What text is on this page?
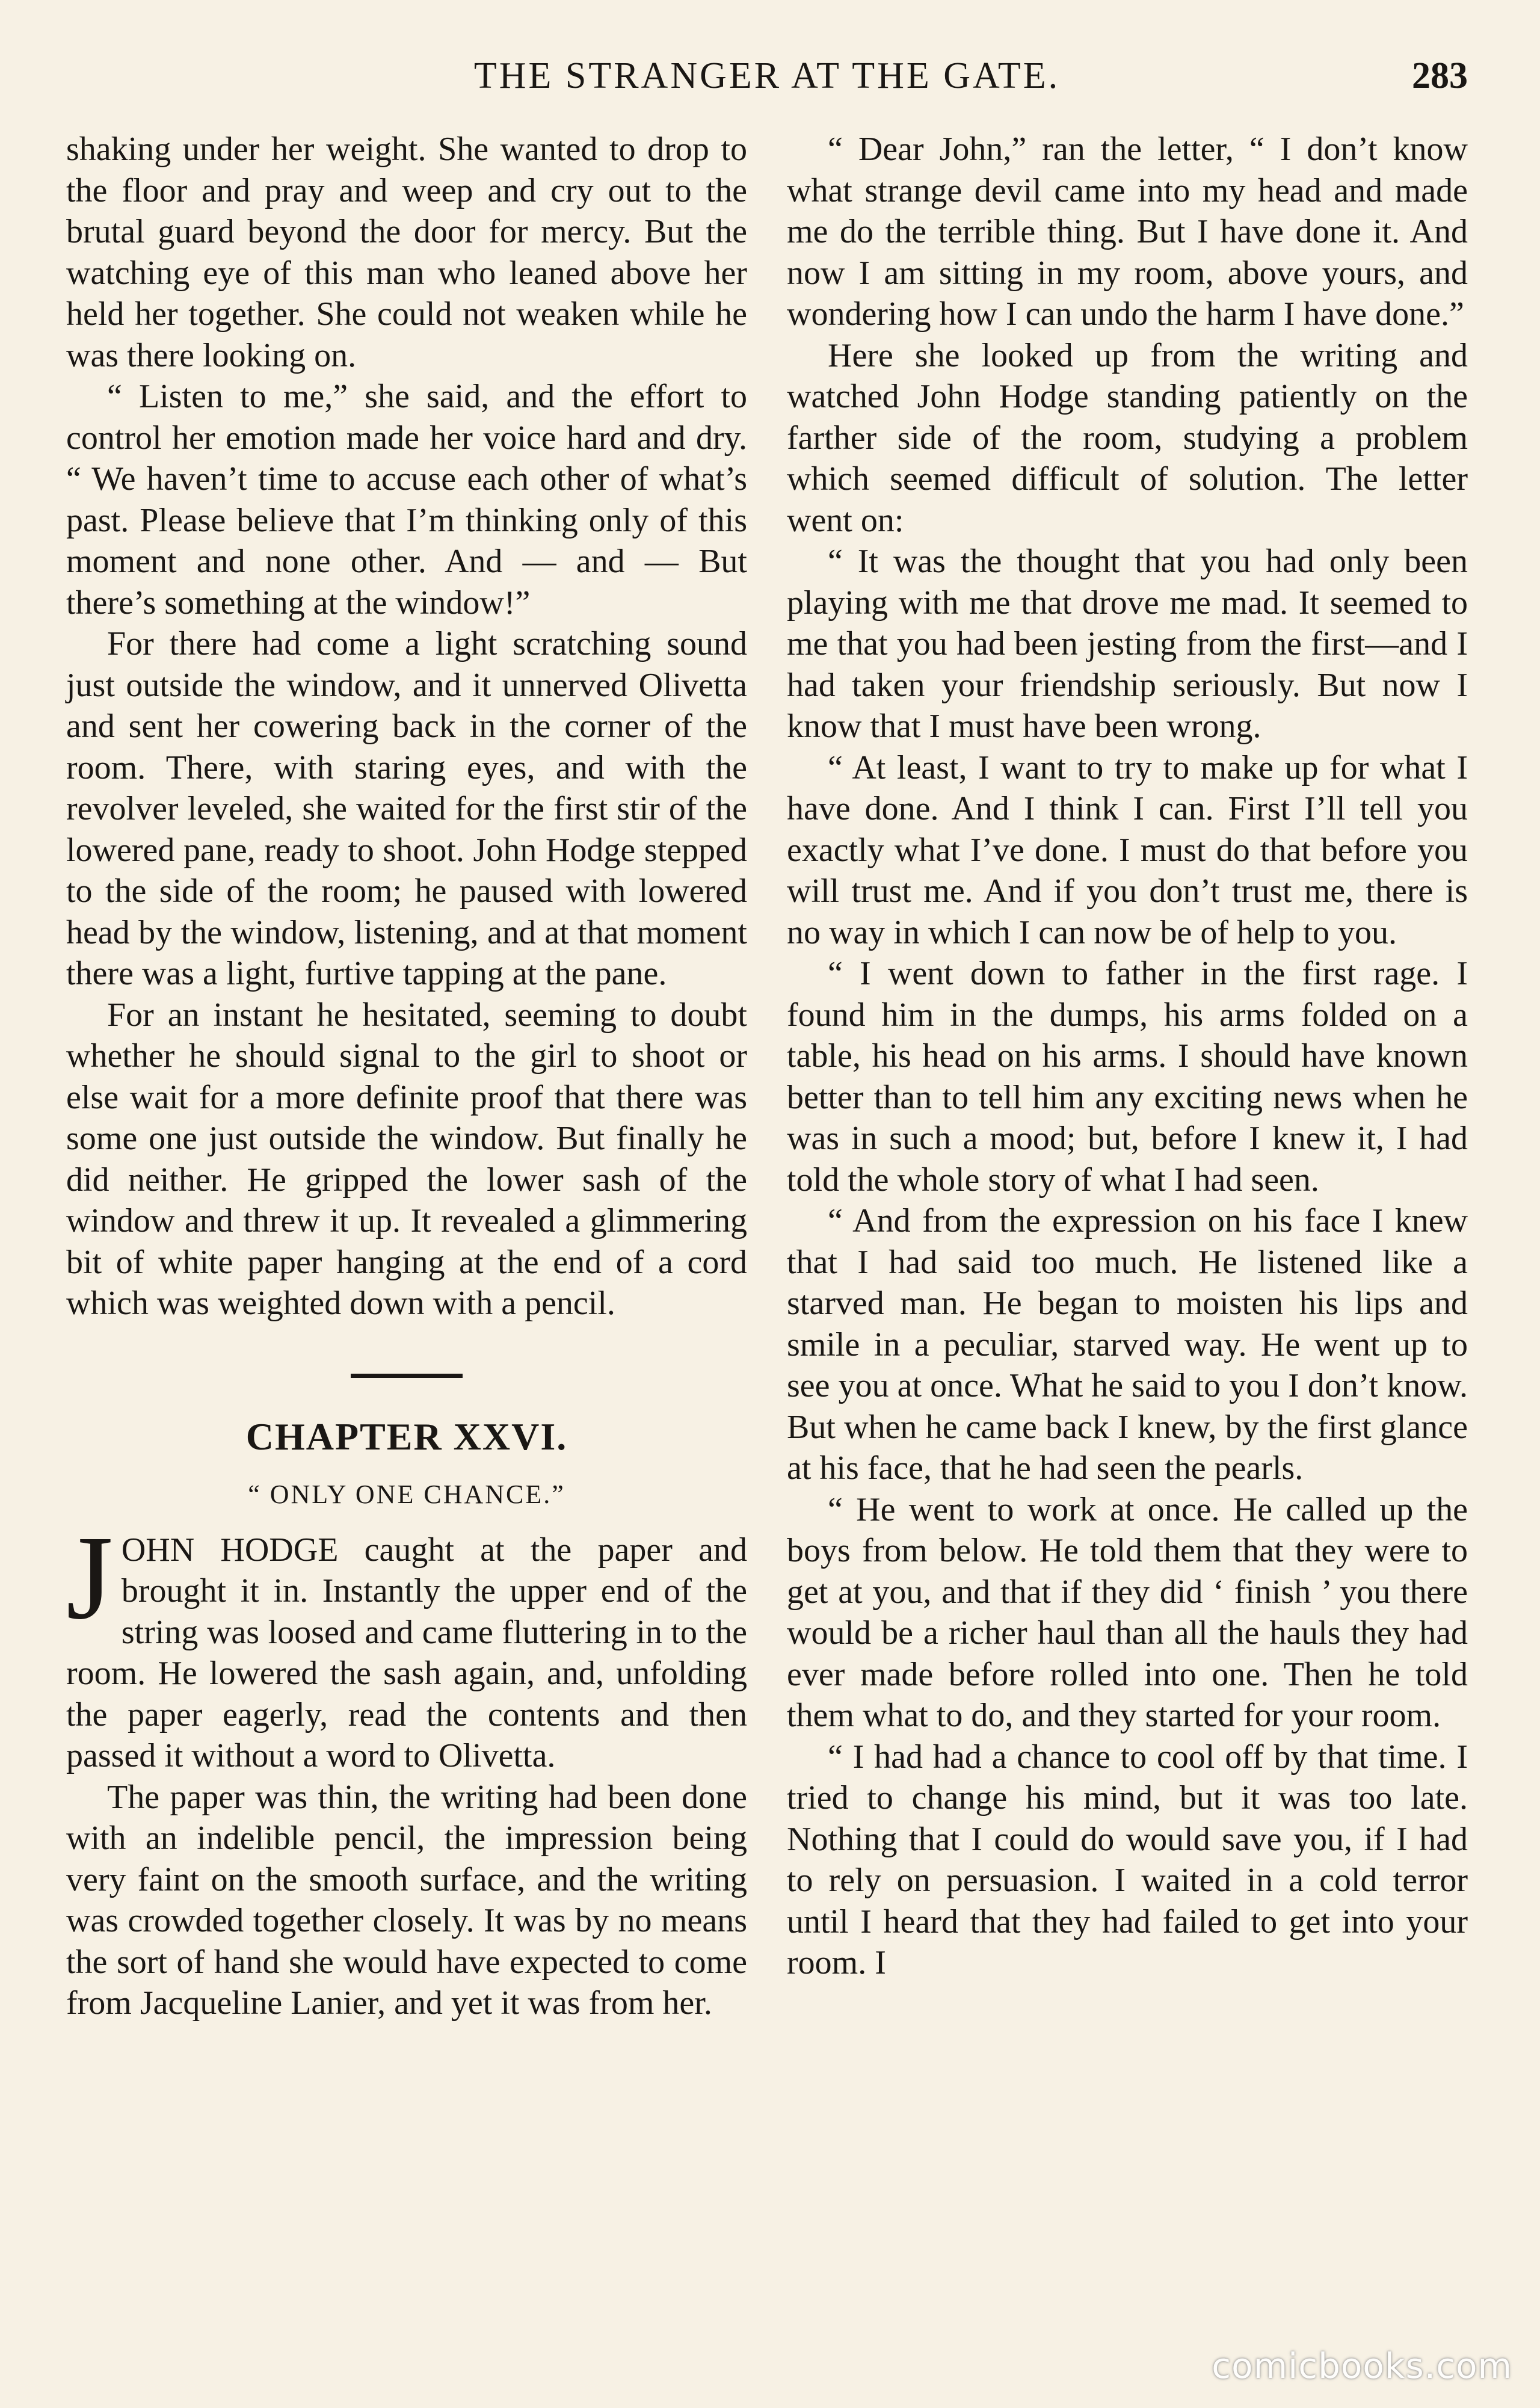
THE STRANGER AT THE GATE.	283

shaking under her weight. She wanted to drop to the floor and pray and weep and cry out to the brutal guard beyond the door for mercy. But the watching eye of this man who leaned above her held her together. She could not weaken while he was there looking on.

“ Listen to me,” she said, and the effort to control her emotion made her voice hard and dry. “ We haven’t time to accuse each other of what’s past. Please believe that I’m thinking only of this moment and none other. And — and — But there’s something at the window!”

For there had come a light scratching sound just outside the window, and it unnerved Olivetta and sent her cowering back in the corner of the room. There, with staring eyes, and with the revolver leveled, she waited for the first stir of the lowered pane, ready to shoot. John Hodge stepped to the side of the room; he paused with lowered head by the window, listening, and at that moment there was a light, furtive tapping at the pane.

For an instant he hesitated, seeming to doubt whether he should signal to the girl to shoot or else wait for a more definite proof that there was some one just outside the window. But finally he did neither. He gripped the lower sash of the window and threw it up. It revealed a glimmering bit of white paper hanging at the end of a cord which was weighted down with a pencil.

CHAPTER XXVI.
“ ONLY ONE CHANCE.”

JOHN HODGE caught at the paper and brought it in. Instantly the upper end of the string was loosed and came fluttering in to the room. He lowered the sash again, and, unfolding the paper eagerly, read the contents and then passed it without a word to Olivetta.

The paper was thin, the writing had been done with an indelible pencil, the impression being very faint on the smooth surface, and the writing was crowded together closely. It was by no means the sort of hand she would have expected to come from Jacqueline Lanier, and yet it was from her.

“ Dear John,” ran the letter, “ I don’t know what strange devil came into my head and made me do the terrible thing. But I have done it. And now I am sitting in my room, above yours, and wondering how I can undo the harm I have done.”

Here she looked up from the writing and watched John Hodge standing patiently on the farther side of the room, studying a problem which seemed difficult of solution. The letter went on:

“ It was the thought that you had only been playing with me that drove me mad. It seemed to me that you had been jesting from the first—and I had taken your friendship seriously. But now I know that I must have been wrong.

“ At least, I want to try to make up for what I have done. And I think I can. First I’ll tell you exactly what I’ve done. I must do that before you will trust me. And if you don’t trust me, there is no way in which I can now be of help to you.

“ I went down to father in the first rage. I found him in the dumps, his arms folded on a table, his head on his arms. I should have known better than to tell him any exciting news when he was in such a mood; but, before I knew it, I had told the whole story of what I had seen.

“ And from the expression on his face I knew that I had said too much. He listened like a starved man. He began to moisten his lips and smile in a peculiar, starved way. He went up to see you at once. What he said to you I don’t know. But when he came back I knew, by the first glance at his face, that he had seen the pearls.

“ He went to work at once. He called up the boys from below. He told them that they were to get at you, and that if they did ‘ finish ’ you there would be a richer haul than all the hauls they had ever made before rolled into one. Then he told them what to do, and they started for your room.

“ I had had a chance to cool off by that time. I tried to change his mind, but it was too late. Nothing that I could do would save you, if I had to rely on persuasion. I waited in a cold terror until I heard that they had failed to get into your room. I

comicbooks.com
